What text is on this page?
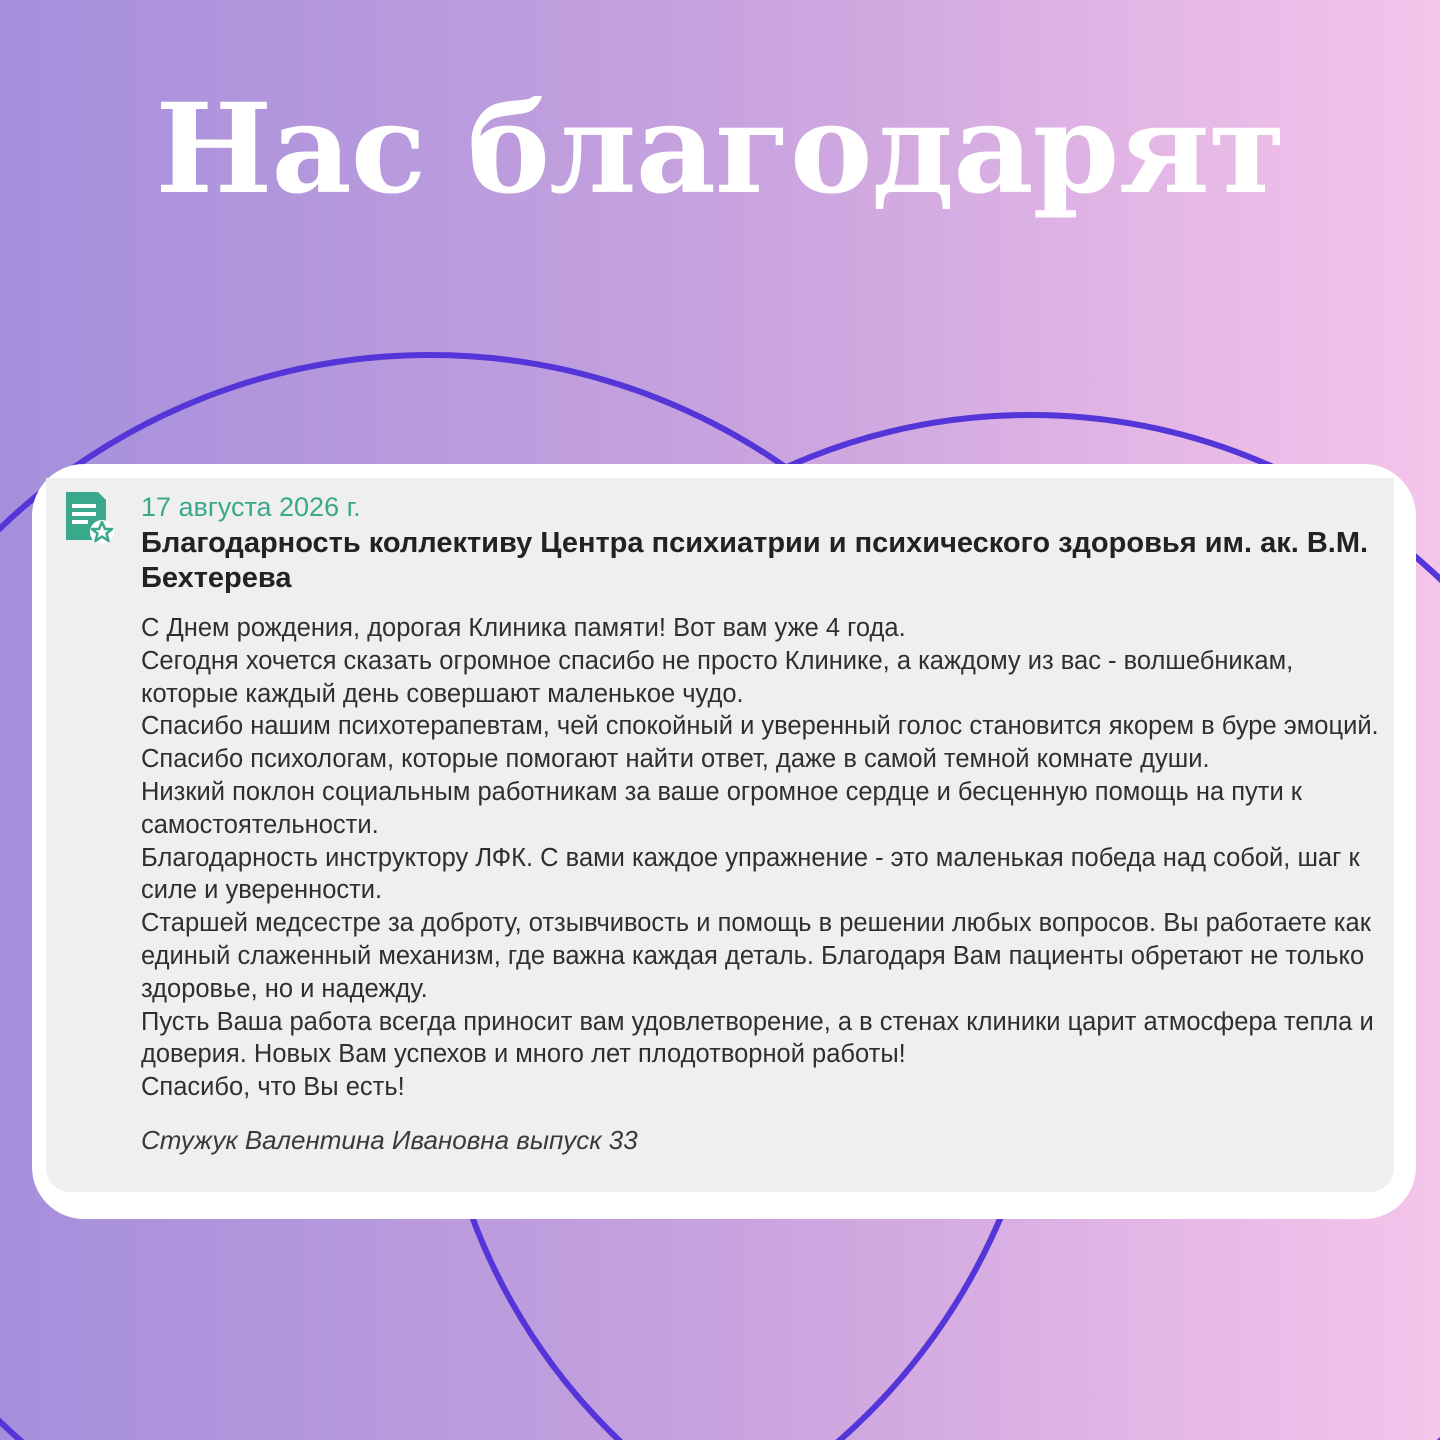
Нас благодарят

17 августа 2026 г.

Благодарность коллективу Центра психиатрии и психического здоровья им. ак. В.М. Бехтерева

С Днем рождения, дорогая Клиника памяти! Вот вам уже 4 года.

Сегодня хочется сказать огромное спасибо не просто Клинике, а каждому из вас - волшебникам, которые каждый день совершают маленькое чудо.

Спасибо нашим психотерапевтам, чей спокойный и уверенный голос становится якорем в буре эмоций.

Спасибо психологам, которые помогают найти ответ, даже в самой темной комнате души.

Низкий поклон социальным работникам за ваше огромное сердце и бесценную помощь на пути к самостоятельности.

Благодарность инструктору ЛФК. С вами каждое упражнение - это маленькая победа над собой, шаг к силе и уверенности.

Старшей медсестре за доброту, отзывчивость и помощь в решении любых вопросов. Вы работаете как единый слаженный механизм, где важна каждая деталь. Благодаря Вам пациенты обретают не только здоровье, но и надежду.

Пусть Ваша работа всегда приносит вам удовлетворение, а в стенах клиники царит атмосфера тепла и доверия. Новых Вам успехов и много лет плодотворной работы!

Спасибо, что Вы есть!

Стужук Валентина Ивановна выпуск 33
